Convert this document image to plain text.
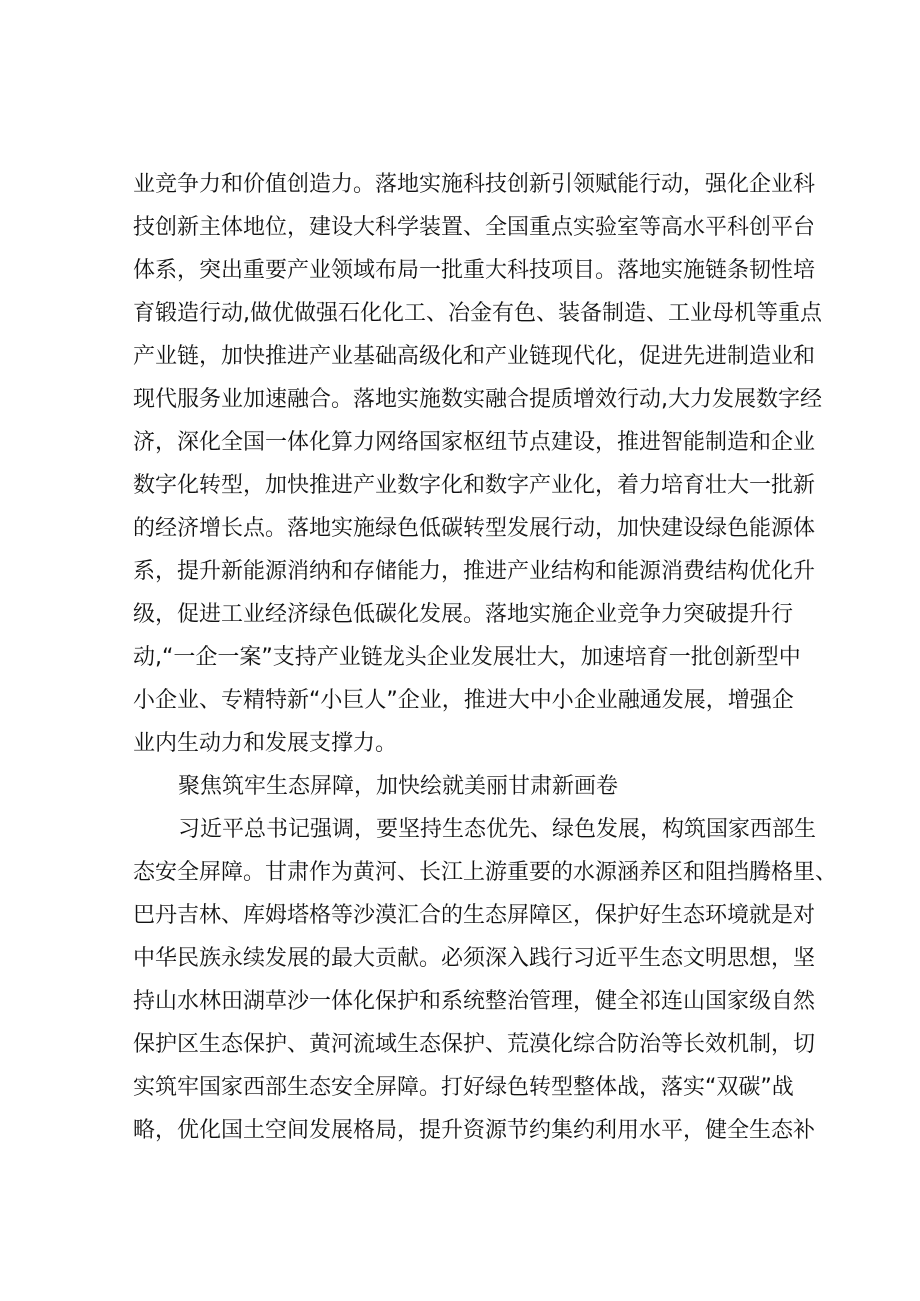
业竞争力和价值创造力。落地实施科技创新引领赋能行动，强化企业科
技创新主体地位，建设大科学装置、全国重点实验室等高水平科创平台
体系，突出重要产业领域布局一批重大科技项目。落地实施链条韧性培
育锻造行动,做优做强石化化工、冶金有色、装备制造、工业母机等重点
产业链，加快推进产业基础高级化和产业链现代化，促进先进制造业和
现代服务业加速融合。落地实施数实融合提质增效行动,大力发展数字经
济，深化全国一体化算力网络国家枢纽节点建设，推进智能制造和企业
数字化转型，加快推进产业数字化和数字产业化，着力培育壮大一批新
的经济增长点。落地实施绿色低碳转型发展行动，加快建设绿色能源体
系，提升新能源消纳和存储能力，推进产业结构和能源消费结构优化升
级，促进工业经济绿色低碳化发展。落地实施企业竞争力突破提升行
动,“一企一案”支持产业链龙头企业发展壮大，加速培育一批创新型中
小企业、专精特新“小巨人”企业，推进大中小企业融通发展，增强企
业内生动力和发展支撑力。
聚焦筑牢生态屏障，加快绘就美丽甘肃新画卷
习近平总书记强调，要坚持生态优先、绿色发展，构筑国家西部生
态安全屏障。甘肃作为黄河、长江上游重要的水源涵养区和阻挡腾格里、
巴丹吉林、库姆塔格等沙漠汇合的生态屏障区，保护好生态环境就是对
中华民族永续发展的最大贡献。必须深入践行习近平生态文明思想，坚
持山水林田湖草沙一体化保护和系统整治管理，健全祁连山国家级自然
保护区生态保护、黄河流域生态保护、荒漠化综合防治等长效机制，切
实筑牢国家西部生态安全屏障。打好绿色转型整体战，落实“双碳”战
略，优化国土空间发展格局，提升资源节约集约利用水平，健全生态补
